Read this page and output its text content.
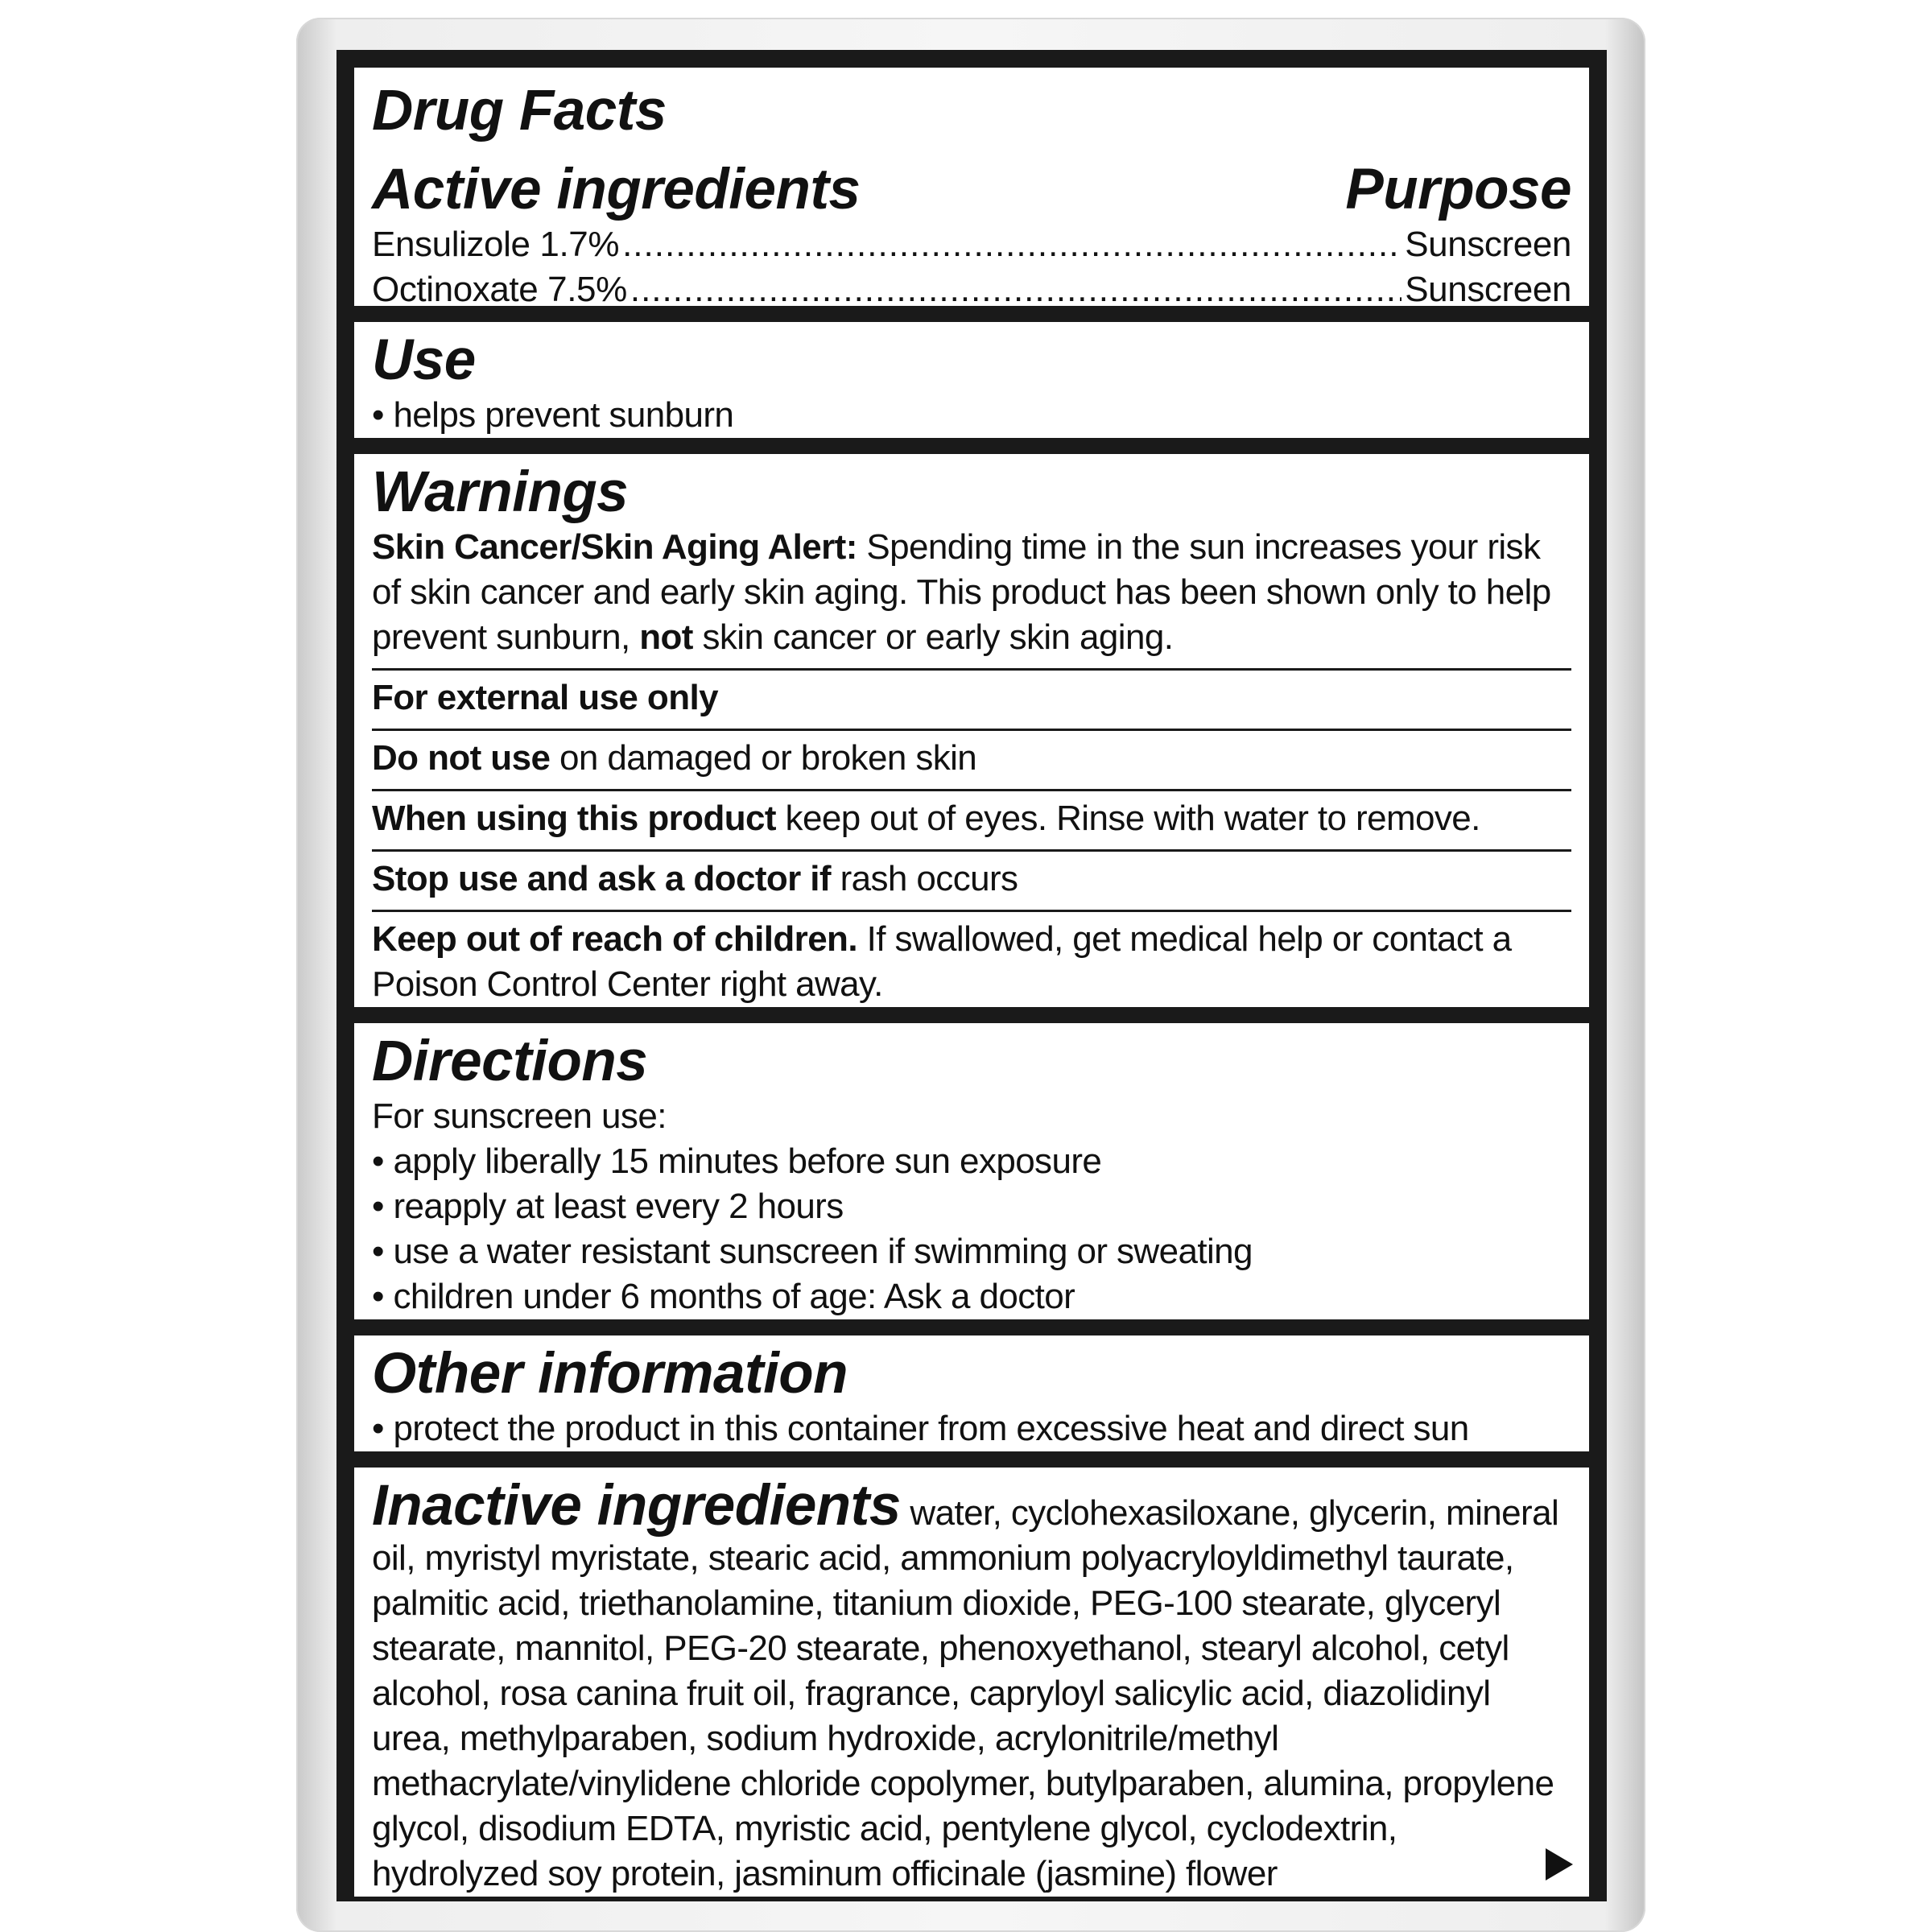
Drug Facts
Active ingredients	Purpose
Ensulizole 1.7% .....	Sunscreen
Octinoxate 7.5% .....	Sunscreen
Use
• helps prevent sunburn
Warnings
Skin Cancer/Skin Aging Alert: Spending time in the sun increases your risk of skin cancer and early skin aging. This product has been shown only to help prevent sunburn, not skin cancer or early skin aging.
For external use only
Do not use on damaged or broken skin
When using this product keep out of eyes. Rinse with water to remove.
Stop use and ask a doctor if rash occurs
Keep out of reach of children. If swallowed, get medical help or contact a Poison Control Center right away.
Directions
For sunscreen use:
• apply liberally 15 minutes before sun exposure
• reapply at least every 2 hours
• use a water resistant sunscreen if swimming or sweating
• children under 6 months of age: Ask a doctor
Other information
• protect the product in this container from excessive heat and direct sun
Inactive ingredients water, cyclohexasiloxane, glycerin, mineral oil, myristyl myristate, stearic acid, ammonium polyacryloyldimethyl taurate, palmitic acid, triethanolamine, titanium dioxide, PEG-100 stearate, glyceryl stearate, mannitol, PEG-20 stearate, phenoxyethanol, stearyl alcohol, cetyl alcohol, rosa canina fruit oil, fragrance, capryloyl salicylic acid, diazolidinyl urea, methylparaben, sodium hydroxide, acrylonitrile/methyl methacrylate/vinylidene chloride copolymer, butylparaben, alumina, propylene glycol, disodium EDTA, myristic acid, pentylene glycol, cyclodextrin, hydrolyzed soy protein, jasminum officinale (jasmine) flower
